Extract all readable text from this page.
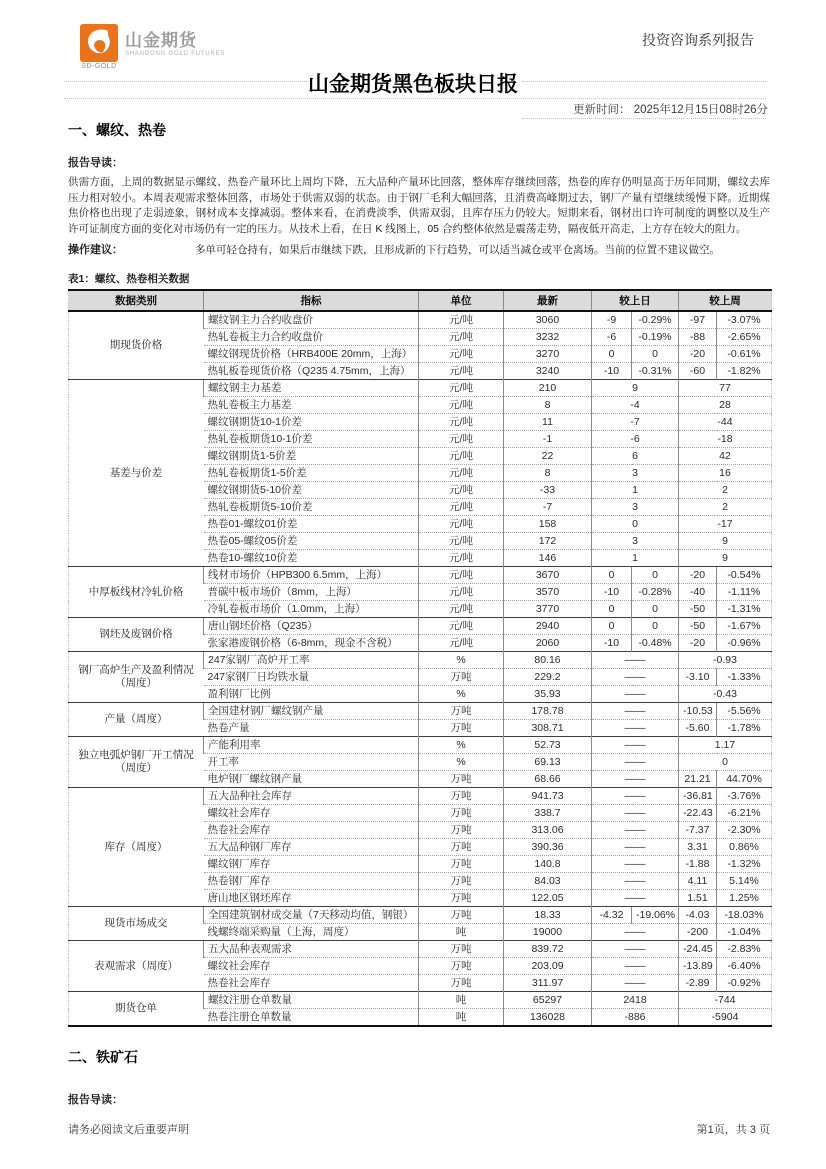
SD-GOLD
山金期货
SHANDONG GOLD FUTURES
投资咨询系列报告
山金期货黑色板块日报
更新时间： 2025年12月15日08时26分
一、螺纹、热卷
报告导读：

供需方面，上周的数据显示螺纹、热卷产量环比上周均下降，五大品种产量环比回落，整体库存继续回落，热卷的库存仍明显高于历年同期，螺纹去库压力相对较小。本周表观需求整体回落，市场处于供需双弱的状态。由于钢厂毛利大幅回落，且消费高峰期过去，钢厂产量有望继续缓慢下降。近期煤焦价格也出现了走弱迹象，钢材成本支撑减弱。整体来看，在消费淡季，供需双弱，且库存压力仍较大。短期来看，钢材出口许可制度的调整以及生产许可证制度方面的变化对市场仍有一定的压力。从技术上看，在日 K 线图上，05 合约整体依然是震荡走势，隔夜低开高走，上方存在较大的阻力。

操作建议：	多单可轻仓持有，如果后市继续下跌，且形成新的下行趋势，可以适当减仓或平仓离场。当前的位置不建议做空。

表1：螺纹、热卷相关数据
数据类别	指标	单位	最新	较上日		较上周	
期现货价格	螺纹钢主力合约收盘价	元/吨	3060	-9	-0.29%	-97	-3.07%
	热轧卷板主力合约收盘价	元/吨	3232	-6	-0.19%	-88	-2.65%
	螺纹钢现货价格（HRB400E 20mm，上海）	元/吨	3270	0	0	-20	-0.61%
	热轧板卷现货价格（Q235 4.75mm，上海）	元/吨	3240	-10	-0.31%	-60	-1.82%
基差与价差	螺纹钢主力基差	元/吨	210	9		77	
	热轧卷板主力基差	元/吨	8	-4		28	
	螺纹钢期货10-1价差	元/吨	11	-7		-44	
	热轧卷板期货10-1价差	元/吨	-1	-6		-18	
	螺纹钢期货1-5价差	元/吨	22	6		42	
	热轧卷板期货1-5价差	元/吨	8	3		16	
	螺纹钢期货5-10价差	元/吨	-33	1		2	
	热轧卷板期货5-10价差	元/吨	-7	3		2	
	热卷01-螺纹01价差	元/吨	158	0		-17	
	热卷05-螺纹05价差	元/吨	172	3		9	
	热卷10-螺纹10价差	元/吨	146	1		9	
中厚板线材冷轧价格	线材市场价（HPB300 6.5mm，上海）	元/吨	3670	0	0	-20	-0.54%
	普碳中板市场价（8mm，上海）	元/吨	3570	-10	-0.28%	-40	-1.11%
	冷轧卷板市场价（1.0mm，上海）	元/吨	3770	0	0	-50	-1.31%
钢坯及废钢价格	唐山钢坯价格（Q235）	元/吨	2940	0	0	-50	-1.67%
	张家港废钢价格（6-8mm，现金不含税）	元/吨	2060	-10	-0.48%	-20	-0.96%
钢厂高炉生产及盈利情况（周度）	247家钢厂高炉开工率	%	80.16	——		-0.93	
	247家钢厂日均铁水量	万吨	229.2	——		-3.10	-1.33%
	盈利钢厂比例	%	35.93	——		-0.43	
产量（周度）	全国建材钢厂螺纹钢产量	万吨	178.78	——		-10.53	-5.56%
	热卷产量	万吨	308.71	——		-5.60	-1.78%
独立电弧炉钢厂开工情况（周度）	产能利用率	%	52.73	——		1.17	
	开工率	%	69.13	——		0	
	电炉钢厂螺纹钢产量	万吨	68.66	——		21.21	44.70%
库存（周度）	五大品种社会库存	万吨	941.73	——		-36.81	-3.76%
	螺纹社会库存	万吨	338.7	——		-22.43	-6.21%
	热卷社会库存	万吨	313.06	——		-7.37	-2.30%
	五大品种钢厂库存	万吨	390.36	——		3.31	0.86%
	螺纹钢厂库存	万吨	140.8	——		-1.88	-1.32%
	热卷钢厂库存	万吨	84.03	——		4.11	5.14%
	唐山地区钢坯库存	万吨	122.05	——		1.51	1.25%
现货市场成交	全国建筑钢材成交量（7天移动均值，钢银）	万吨	18.33	-4.32	-19.06%	-4.03	-18.03%
	线螺终端采购量（上海，周度）	吨	19000	——		-200	-1.04%
表观需求（周度）	五大品种表观需求	万吨	839.72	——		-24.45	-2.83%
	螺纹社会库存	万吨	203.09	——		-13.89	-6.40%
	热卷社会库存	万吨	311.97	——		-2.89	-0.92%
期货仓单	螺纹注册仓单数量	吨	65297	2418		-744	
	热卷注册仓单数量	吨	136028	-886		-5904	
二、铁矿石
报告导读：
请务必阅读文后重要声明	第1页，共 3 页
